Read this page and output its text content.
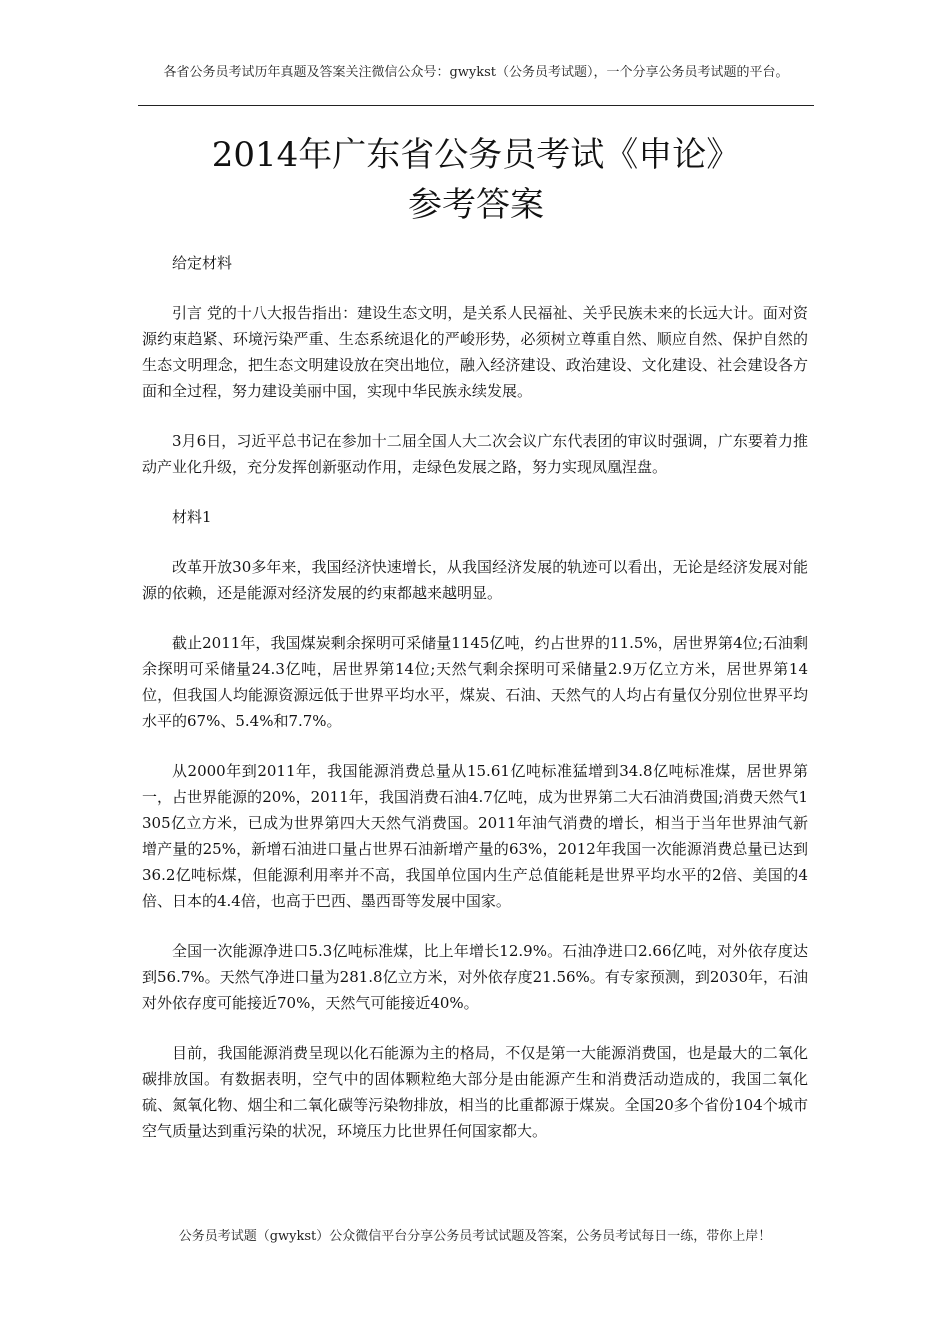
各省公务员考试历年真题及答案关注微信公众号：gwykst（公务员考试题），一个分享公务员考试题的平台。
2014年广东省公务员考试《申论》
参考答案

给定材料

引言 党的十八大报告指出：建设生态文明，是关系人民福祉、关乎民族未来的长远大计。面对资源约束趋紧、环境污染严重、生态系统退化的严峻形势，必须树立尊重自然、顺应自然、保护自然的生态文明理念，把生态文明建设放在突出地位，融入经济建设、政治建设、文化建设、社会建设各方面和全过程，努力建设美丽中国，实现中华民族永续发展。

3月6日，习近平总书记在参加十二届全国人大二次会议广东代表团的审议时强调，广东要着力推动产业化升级，充分发挥创新驱动作用，走绿色发展之路，努力实现凤凰涅盘。

材料1

改革开放30多年来，我国经济快速增长，从我国经济发展的轨迹可以看出，无论是经济发展对能源的依赖，还是能源对经济发展的约束都越来越明显。

截止2011年，我国煤炭剩余探明可采储量1145亿吨，约占世界的11.5%，居世界第4位;石油剩余探明可采储量24.3亿吨，居世界第14位;天然气剩余探明可采储量2.9万亿立方米，居世界第14位，但我国人均能源资源远低于世界平均水平，煤炭、石油、天然气的人均占有量仅分别位世界平均水平的67%、5.4%和7.7%。

从2000年到2011年，我国能源消费总量从15.61亿吨标准猛增到34.8亿吨标准煤，居世界第一，占世界能源的20%，2011年，我国消费石油4.7亿吨，成为世界第二大石油消费国;消费天然气1305亿立方米，已成为世界第四大天然气消费国。2011年油气消费的增长，相当于当年世界油气新增产量的25%，新增石油进口量占世界石油新增产量的63%，2012年我国一次能源消费总量已达到36.2亿吨标煤，但能源利用率并不高，我国单位国内生产总值能耗是世界平均水平的2倍、美国的4倍、日本的4.4倍，也高于巴西、墨西哥等发展中国家。

全国一次能源净进口5.3亿吨标准煤，比上年增长12.9%。石油净进口2.66亿吨，对外依存度达到56.7%。天然气净进口量为281.8亿立方米，对外依存度21.56%。有专家预测，到2030年，石油对外依存度可能接近70%，天然气可能接近40%。

目前，我国能源消费呈现以化石能源为主的格局，不仅是第一大能源消费国，也是最大的二氧化碳排放国。有数据表明，空气中的固体颗粒绝大部分是由能源产生和消费活动造成的，我国二氧化硫、氮氧化物、烟尘和二氧化碳等污染物排放，相当的比重都源于煤炭。全国20多个省份104个城市空气质量达到重污染的状况，环境压力比世界任何国家都大。

公务员考试题（gwykst）公众微信平台分享公务员考试试题及答案，公务员考试每日一练，带你上岸！
